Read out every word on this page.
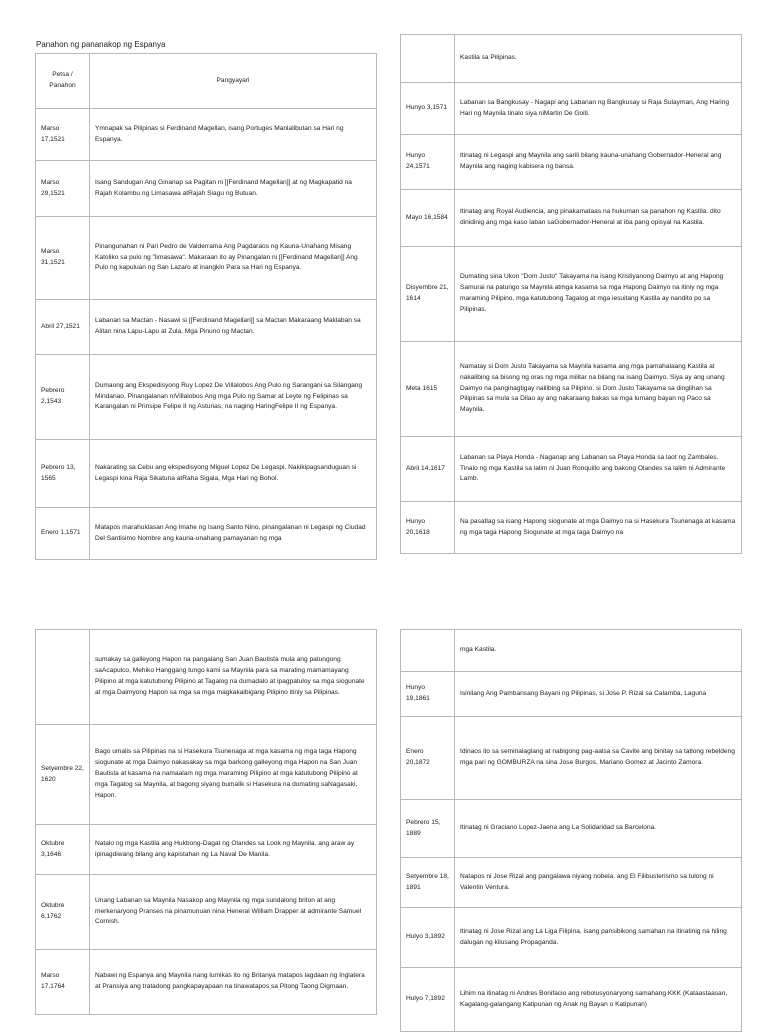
Panahon ng pananakop ng Espanya
Petsa / Panahon	Pangyayari
Marso 17,1521	Ymnapak sa Pilipinas si Ferdinand Magellan, isang Portuges Manlalibutan sa Hari ng Espanya.
Marso 29,1521	Isang Sandugan Ang Ginanap sa Pagitan ni [[Ferdinand Magellan]] at ng Magkapatid na Rajah Kolambu ng Limasawa atRajah Siagu ng Butuan.
Marso 31,1521	Pinangunahan ni Pari Pedro de Valderrama Ang Pagdaraos ng Kauna-Unahang Misang Katoliko sa pulo ng "limasawa". Makaraan ito ay Pinangalan ni [[Ferdinand Magellan]] Ang Pulo ng kapuluan ng San Lazaro at inangkin Para sa Hari ng Espanya.
Abril 27,1521	Labanan sa Mactan - Nasawi si [[Ferdinand Magellan]] sa Mactan Makaraang Maklaban sa Alitan nina Lapu-Lapu at Zula, Mga Pinuno ng Mactan.
Pebrero 2,1543	Dumaong ang Ekspedisyong Ruy Lopez De Villalobos Ang Pulo ng Sarangani sa Silangang Mindanao. Pinangalanan niVillalobos Ang mga Pulo ng Samar at Leyte ng Felipinas sa Karangalan ni Prinsipe Felipe II ng Asturias, na naging HaringFelipe II ng Espanya.
Pebrero 13, 1565	Nakarating sa Cebu ang ekspedisyong Miguel Lopez De Legaspi. Nakikipagsanduguan si Legaspi kina Raja Sikatuna atRaha Sigala, Mga Hari ng Bohol.
Enero 1,1571	Matapos marahuklasan Ang Imahe ng Isang Santo Nino, pinangalanan ni Legaspi ng Ciudad Del Santisimo Nombre ang kauna-unahang pamayanan ng mga
	Kastila sa Pilipinas.
Hunyo 3,1571	Labanan sa Bangkusay - Nagapi ang Labanan ng Bangkusay si Raja Sulayman, Ang Haring Hari ng Maynila tinalo siya niMartin De Goiti.
Hunyo 24,1571	Itinatag ni Legaspi ang Maynila ang sarili bilang kauna-unahang Gobernador-Heneral ang Maynila ang naging kabisera ng bansa.
Mayo 16,1584	Itinatag ang Royal Audiencia, ang pinakamataas na hukuman sa panahon ng Kastila. dito dinidinig ang mga kaso laban saGobernador-Heneral at iba pang opisyal na Kastila.
Disyembre 21, 1614	Dumating sina Ukon "Dom Justo" Takayama na isang Kristiyanong Daimyo at ang Hapong Samurai na patungo sa Maynila atmga kasama sa mga Hapong Daimyo na itiniy ng mga maraming Pilipino, mga katutubong Tagalog at mga iesuitang Kastila ay nandito po sa Pilipinas.
Meta 1615	Namatay si Dom Justo Takayama sa Maynila kasama ang mga pamahalaang Kastila at nakalibing sa bisong ng oras ng mga militar na bilang na isang Daimyo. Siya ay ang unang Daimyo na panginagtigay nailibing sa Pilipino. si Dom Justo Takayama sa dinglihan sa Pilipinas sa mula sa Dilao ay ang nakaraang bakas sa mga lumang bayan ng Paco sa Maynila.
Abril 14,1617	Labanan sa Playa Honda - Naganap ang Labanan sa Playa Honda sa laot ng Zambales. Tinalo ng mga Kastila sa lalim ni Juan Ronquillo ang bakong Olandes sa lalim ni Admirante Lamb.
Hunyo 20,1618	Na pasatlag sa isang Hapong siogunate at mga Daimyo na si Hasekura Tsunenaga at kasama ng mga taga Hapong Siogunate at mga taga Daimyo na
	sumakay sa galleyong Hapon na pangalang San Juan Bautista mula ang patungong saAcapulco, Mehiko Hanggang tungo kami sa Maynila para sa marating mamamayang Pilipino at mga katutubong Pilipino at Tagalog na dumadalo at ipagpatuloy sa mga siogunate at mga Daimyong Hapon sa mga sa mga magkakaibigang Pilipino itiniy sa Pilipinas.
Setyembre 22, 1620	Bago umalis sa Pilipinas na si Hasekura Tsunenaga at mga kasama ng mga taga Hapong siogunate at mga Daimyo nakasakay sa mga barkong galleyong mga Hapon na San Juan Bautista at kasama na namaalam ng mga maraming Pilipino at mga katutubong Pilipino at mga Tagalog sa Maynila, at bagong siyang bumalik si Hasekura na dumating saNagasaki, Hapon.
Oktubre 3,1646	Natalo ng mga Kastila ang Hukbong-Dagat ng Olandes sa Look ng Maynila. ang araw ay ipinagdiwang bilang ang kapistahan ng La Naval De Manila.
Oktubre 6,1762	Unang Labanan sa Maynila Nasakop ang Maynila ng mga sundalong briton at ang merkenaryong Pranses na pinamunuan nina Heneral William Drapper at admirante Samuel Cornish.
Marso 17,1764	Nabawi ng Espanya ang Maynila nang lumikas ito ng Britanya matapos lagdaan ng Inglatera at Pransiya ang tratadong pangkapayapaan na tinawatapos sa Pitong Taong Digmaan.
	mga Kastila.
Hunyo 19,1861	Isinilang Ang Pambansang Bayani ng Pilipinas, si Jose P. Rizal sa Calamba, Laguna
Enero 20,1872	Idinaos ito sa seminalaglang at nabigong pag-aalsa sa Cavite ang binitay sa tatlong rebeldeng mga pari ng GOMBURZA na sina Jose Burgos, Mariano Gomez at Jacinto Zamora.
Pebrero 15, 1889	Itinatag ni Graciano Lopez-Jaena ang La Solidaridad sa Barcelona.
Setyembre 18, 1891	Natapos ni Jose Rizal ang pangalawa niyang nobela. ang El Filibusterismo sa tulong ni Valentin Ventura.
Hulyo 3,1892	Itinatag ni Jose Rizal ang La Liga Filipina, isang pansibikong samahan na itinatinig na hiling dalugan ng kilusang Propaganda.
Hulyo 7,1892	Lihim na itinatag ni Andres Bonifacio ang rebolusyonaryong samahang KKK (Kataastaasan, Kagalang-galangang Katipunan ng Anak ng Bayan o Katipunan)
